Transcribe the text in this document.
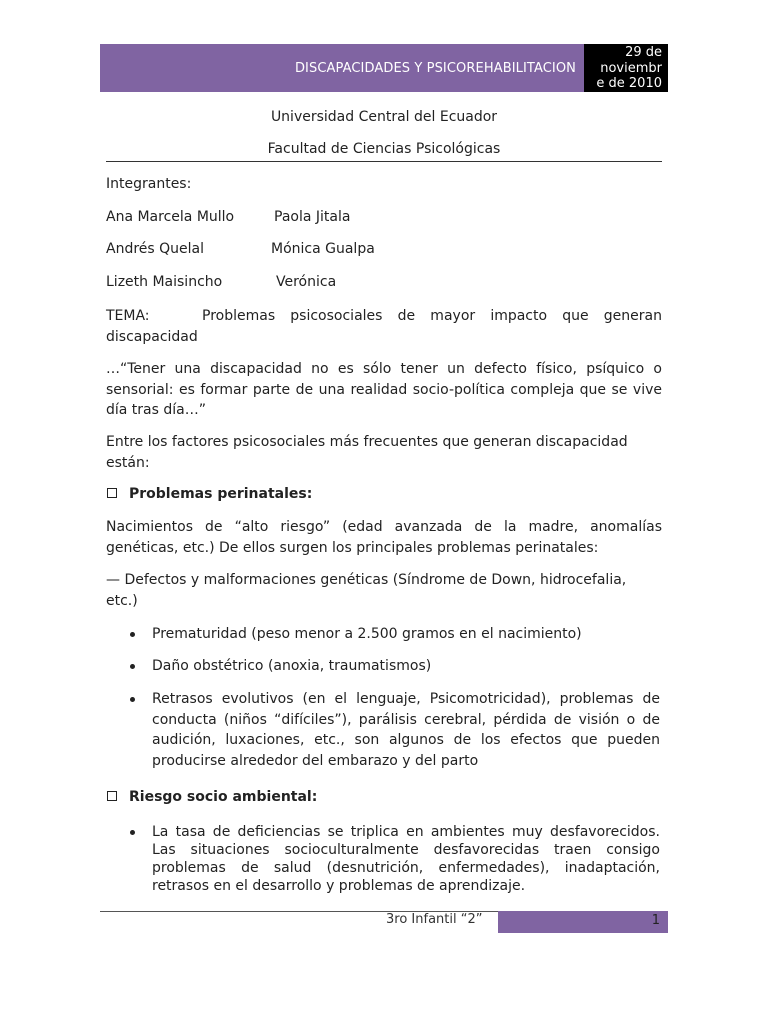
DISCAPACIDADES Y PSICOREHABILITACION
29 de
noviembr
e de 2010
Universidad Central del Ecuador
Facultad de Ciencias Psicológicas
Integrantes:
Ana Marcela Mullo	Paola Jitala
Andrés Quelal	Mónica Gualpa
Lizeth Maisincho	Verónica
TEMA:	Problemas psicosociales de mayor impacto que generan
discapacidad

…“Tener una discapacidad no es sólo tener un defecto físico, psíquico o sensorial: es formar parte de una realidad socio-política compleja que se vive día tras día…”

Entre los factores psicosociales más frecuentes que generan discapacidad están:

Problemas perinatales:

Nacimientos de “alto riesgo” (edad avanzada de la madre, anomalías genéticas, etc.) De ellos surgen los principales problemas perinatales:

— Defectos y malformaciones genéticas (Síndrome de Down, hidrocefalia, etc.)

Prematuridad (peso menor a 2.500 gramos en el nacimiento)
Daño obstétrico (anoxia, traumatismos)
Retrasos evolutivos (en el lenguaje, Psicomotricidad), problemas de conducta (niños “difíciles”), parálisis cerebral, pérdida de visión o de audición, luxaciones, etc., son algunos de los efectos que pueden producirse alrededor del embarazo y del parto
Riesgo socio ambiental:
La tasa de deficiencias se triplica en ambientes muy desfavorecidos. Las situaciones socioculturalmente desfavorecidas traen consigo problemas de salud (desnutrición, enfermedades), inadaptación, retrasos en el desarrollo y problemas de aprendizaje.
3ro Infantil “2”	1
